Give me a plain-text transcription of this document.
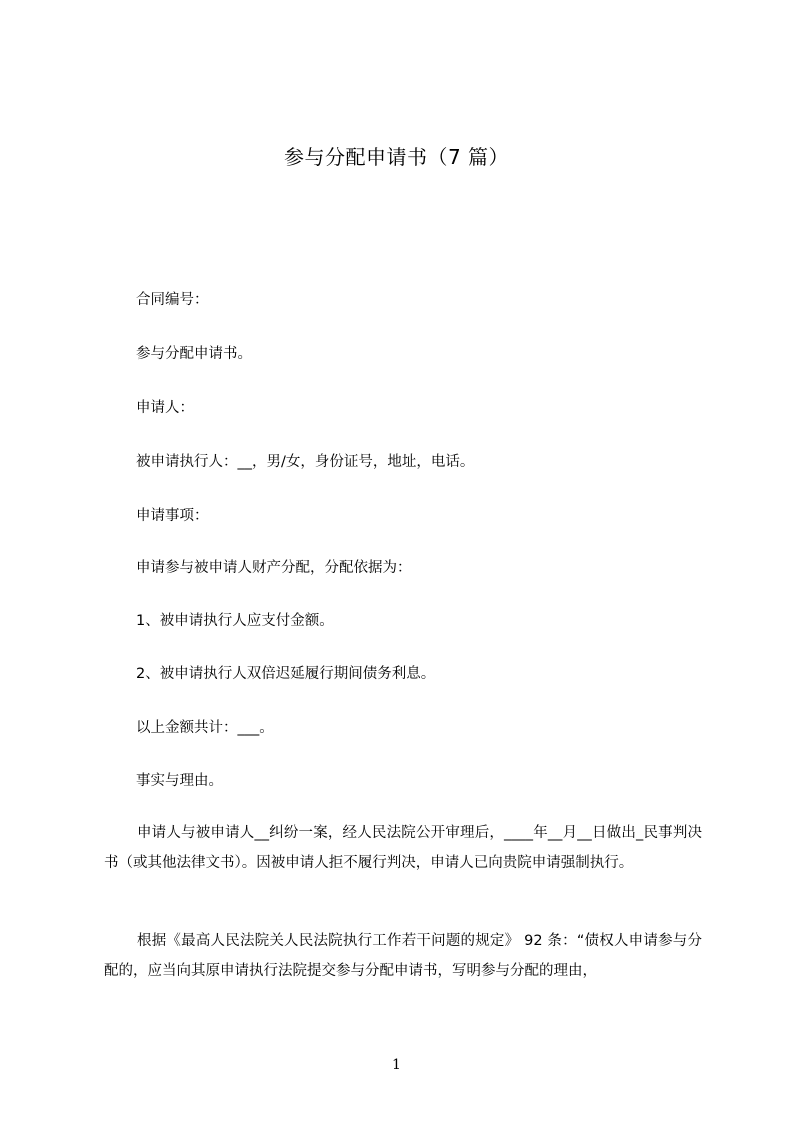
参与分配申请书（7 篇）
合同编号：
参与分配申请书。
申请人：
被申请执行人：__，男/女，身份证号，地址，电话。
申请事项：
申请参与被申请人财产分配，分配依据为：
1、被申请执行人应支付金额。
2、被申请执行人双倍迟延履行期间债务利息。
以上金额共计：___。
事实与理由。
申请人与被申请人__纠纷一案，经人民法院公开审理后，____年__月__日做出_民事判决书（或其他法律文书）。因被申请人拒不履行判决，申请人已向贵院申请强制执行。
根据《最高人民法院关人民法院执行工作若干问题的规定》 92 条：“债权人申请参与分配的，应当向其原申请执行法院提交参与分配申请书，写明参与分配的理由，
1
